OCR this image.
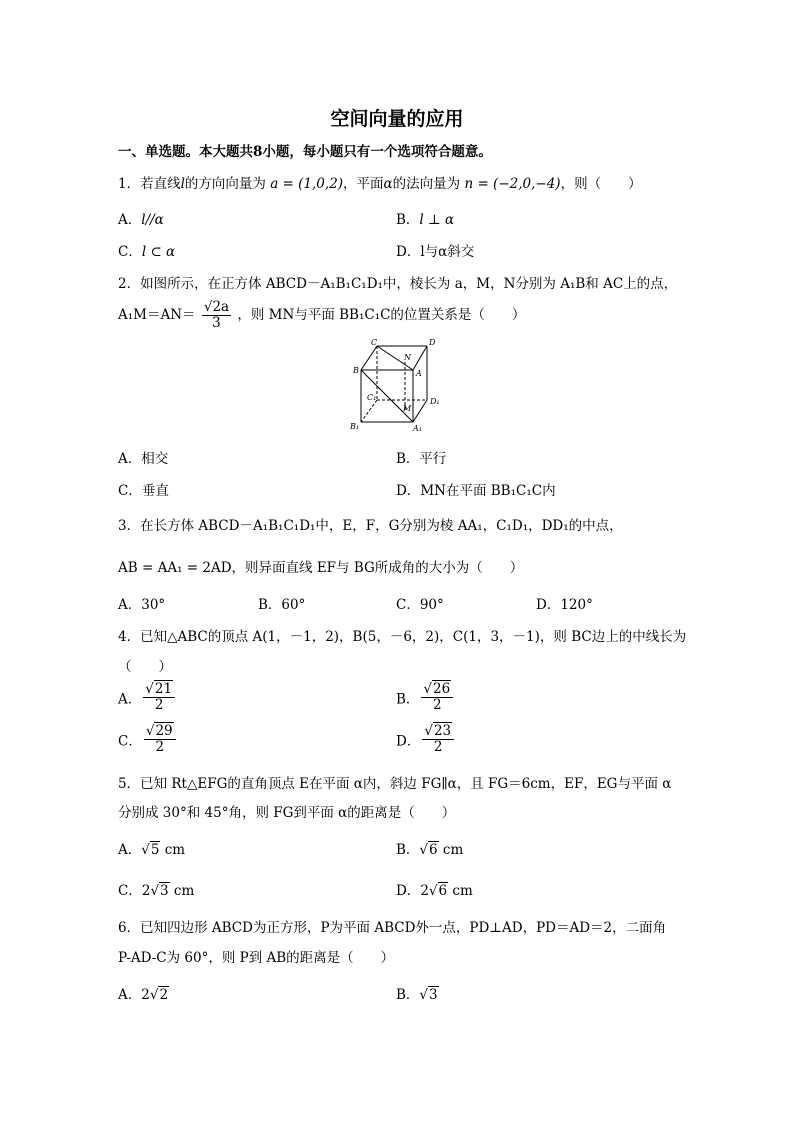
空间向量的应用
一、单选题。本大题共8小题，每小题只有一个选项符合题意。
1．若直线l的方向向量为 a = (1,0,2)，平面α的法向量为 n = (−2,0,−4)，则（　　）
A．l//α	B．l ⊥ α
C．l ⊂ α	D．l与α斜交
2．如图所示，在正方体 ABCD－A₁B₁C₁D₁中，棱长为 a，M，N分别为 A₁B和 AC上的点，
$A_1M=AN= \frac{√2a}{3}$ ，则 MN与平面 BB₁C₁C的位置关系是（　　）
C	D
N
B	A
C₁
M
D₁
B₁	A₁
A．相交	B．平行
C．垂直	D．MN在平面 BB₁C₁C内
3．在长方体 ABCD－A₁B₁C₁D₁中，E，F，G分别为棱 AA₁，C₁D₁，DD₁的中点，
AB = AA₁ = 2AD，则异面直线 EF与 BG所成角的大小为（　　）
A．30°	B．60°	C．90°	D．120°
4．已知△ABC的顶点 A(1，－1，2)，B(5，－6，2)，C(1，3，－1)，则 BC边上的中线长为
（　　）
A． $\frac{√21}{2}$	B． $\frac{√26}{2}$
C． $\frac{√29}{2}$	D． $\frac{√23}{2}$
5．已知 Rt△EFG的直角顶点 E在平面 α内，斜边 FG∥α，且 FG＝6cm，EF，EG与平面 α
分别成 30°和 45°角，则 FG到平面 α的距离是（　　）
A．√5 cm	B．√6 cm
C．2√3 cm	D．2√6 cm
6．已知四边形 ABCD为正方形，P为平面 ABCD外一点，PD⊥AD，PD＝AD＝2，二面角
P-AD-C为 60°，则 P到 AB的距离是（　　）
A．2√2	B．√3
